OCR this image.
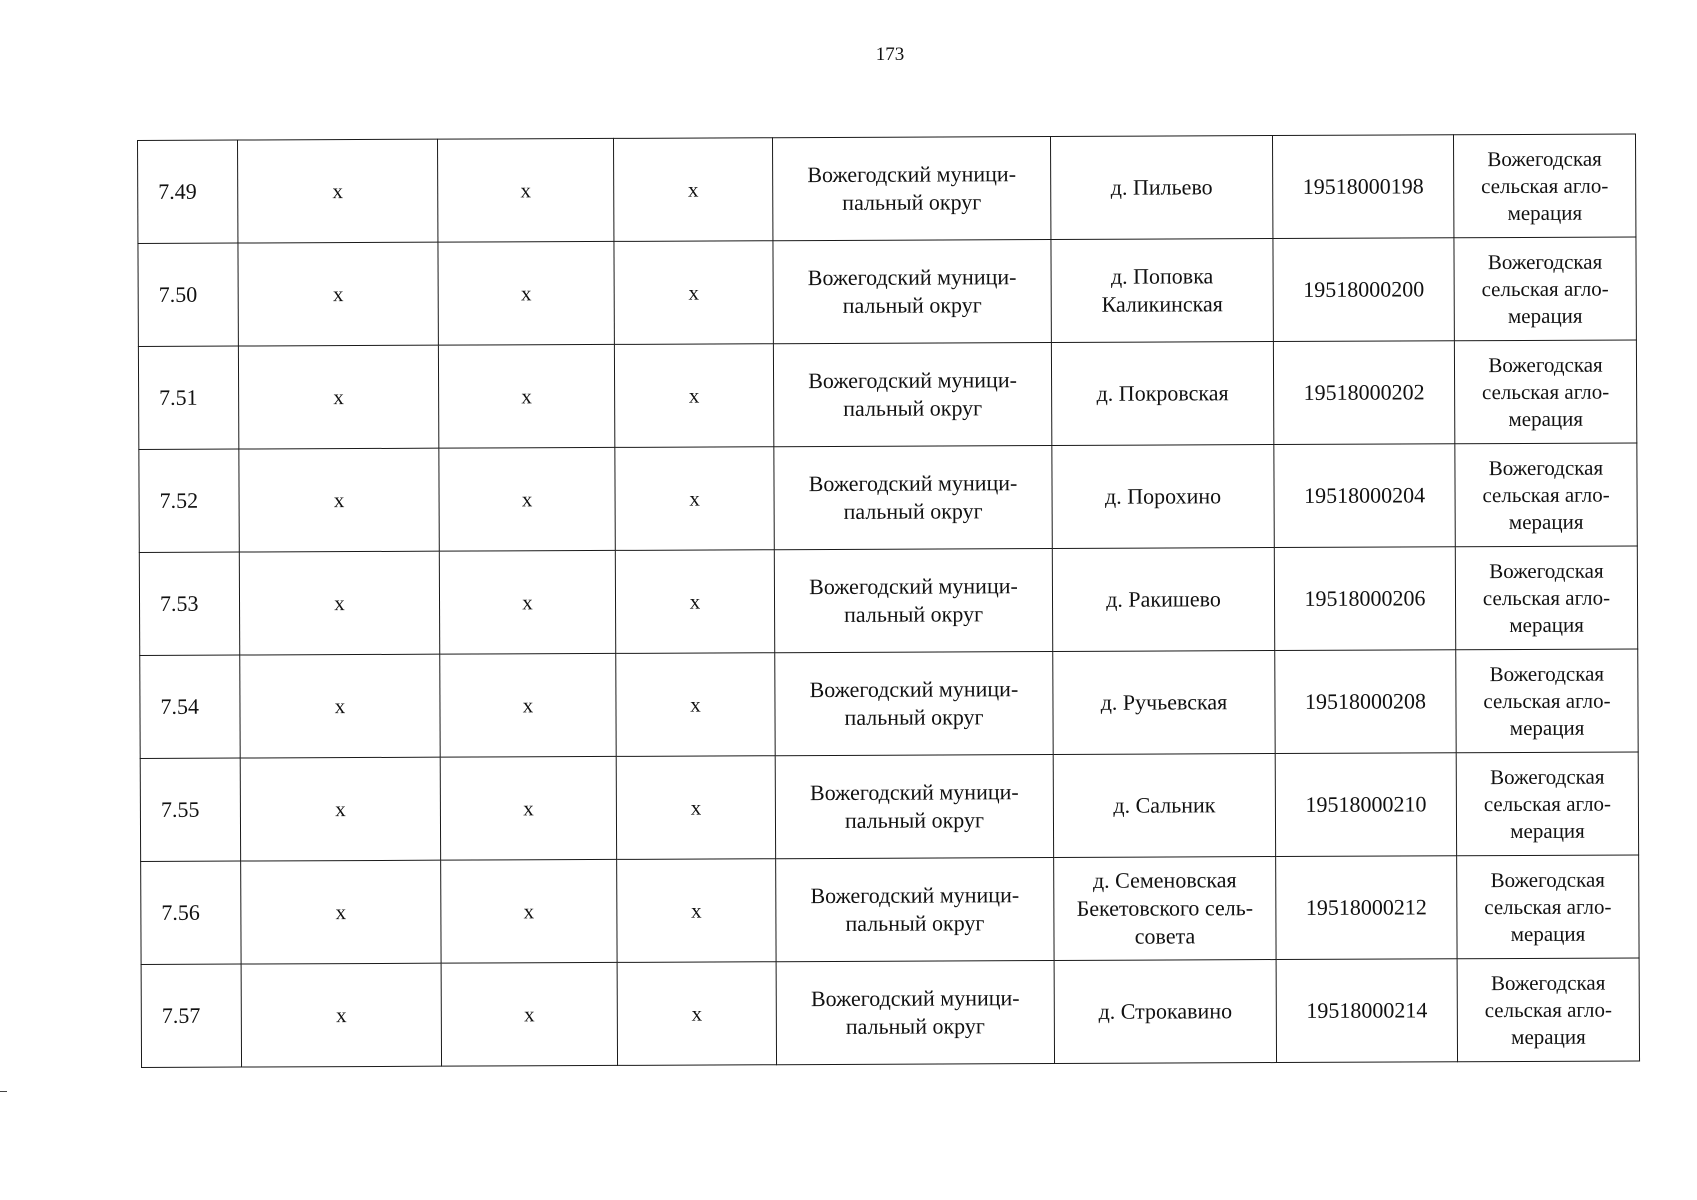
173
7.49	x	x	x	Вожегодский муници-
пальный округ	д. Пильево	19518000198	Вожегодская
сельская агло-
мерация
7.50	x	x	x	Вожегодский муници-
пальный округ	д. Поповка
Каликинская	19518000200	Вожегодская
сельская агло-
мерация
7.51	x	x	x	Вожегодский муници-
пальный округ	д. Покровская	19518000202	Вожегодская
сельская агло-
мерация
7.52	x	x	x	Вожегодский муници-
пальный округ	д. Порохино	19518000204	Вожегодская
сельская агло-
мерация
7.53	x	x	x	Вожегодский муници-
пальный округ	д. Ракишево	19518000206	Вожегодская
сельская агло-
мерация
7.54	x	x	x	Вожегодский муници-
пальный округ	д. Ручьевская	19518000208	Вожегодская
сельская агло-
мерация
7.55	x	x	x	Вожегодский муници-
пальный округ	д. Сальник	19518000210	Вожегодская
сельская агло-
мерация
7.56	x	x	x	Вожегодский муници-
пальный округ	д. Семеновская
Бекетовского сель-
совета	19518000212	Вожегодская
сельская агло-
мерация
7.57	x	x	x	Вожегодский муници-
пальный округ	д. Строкавино	19518000214	Вожегодская
сельская агло-
мерация
